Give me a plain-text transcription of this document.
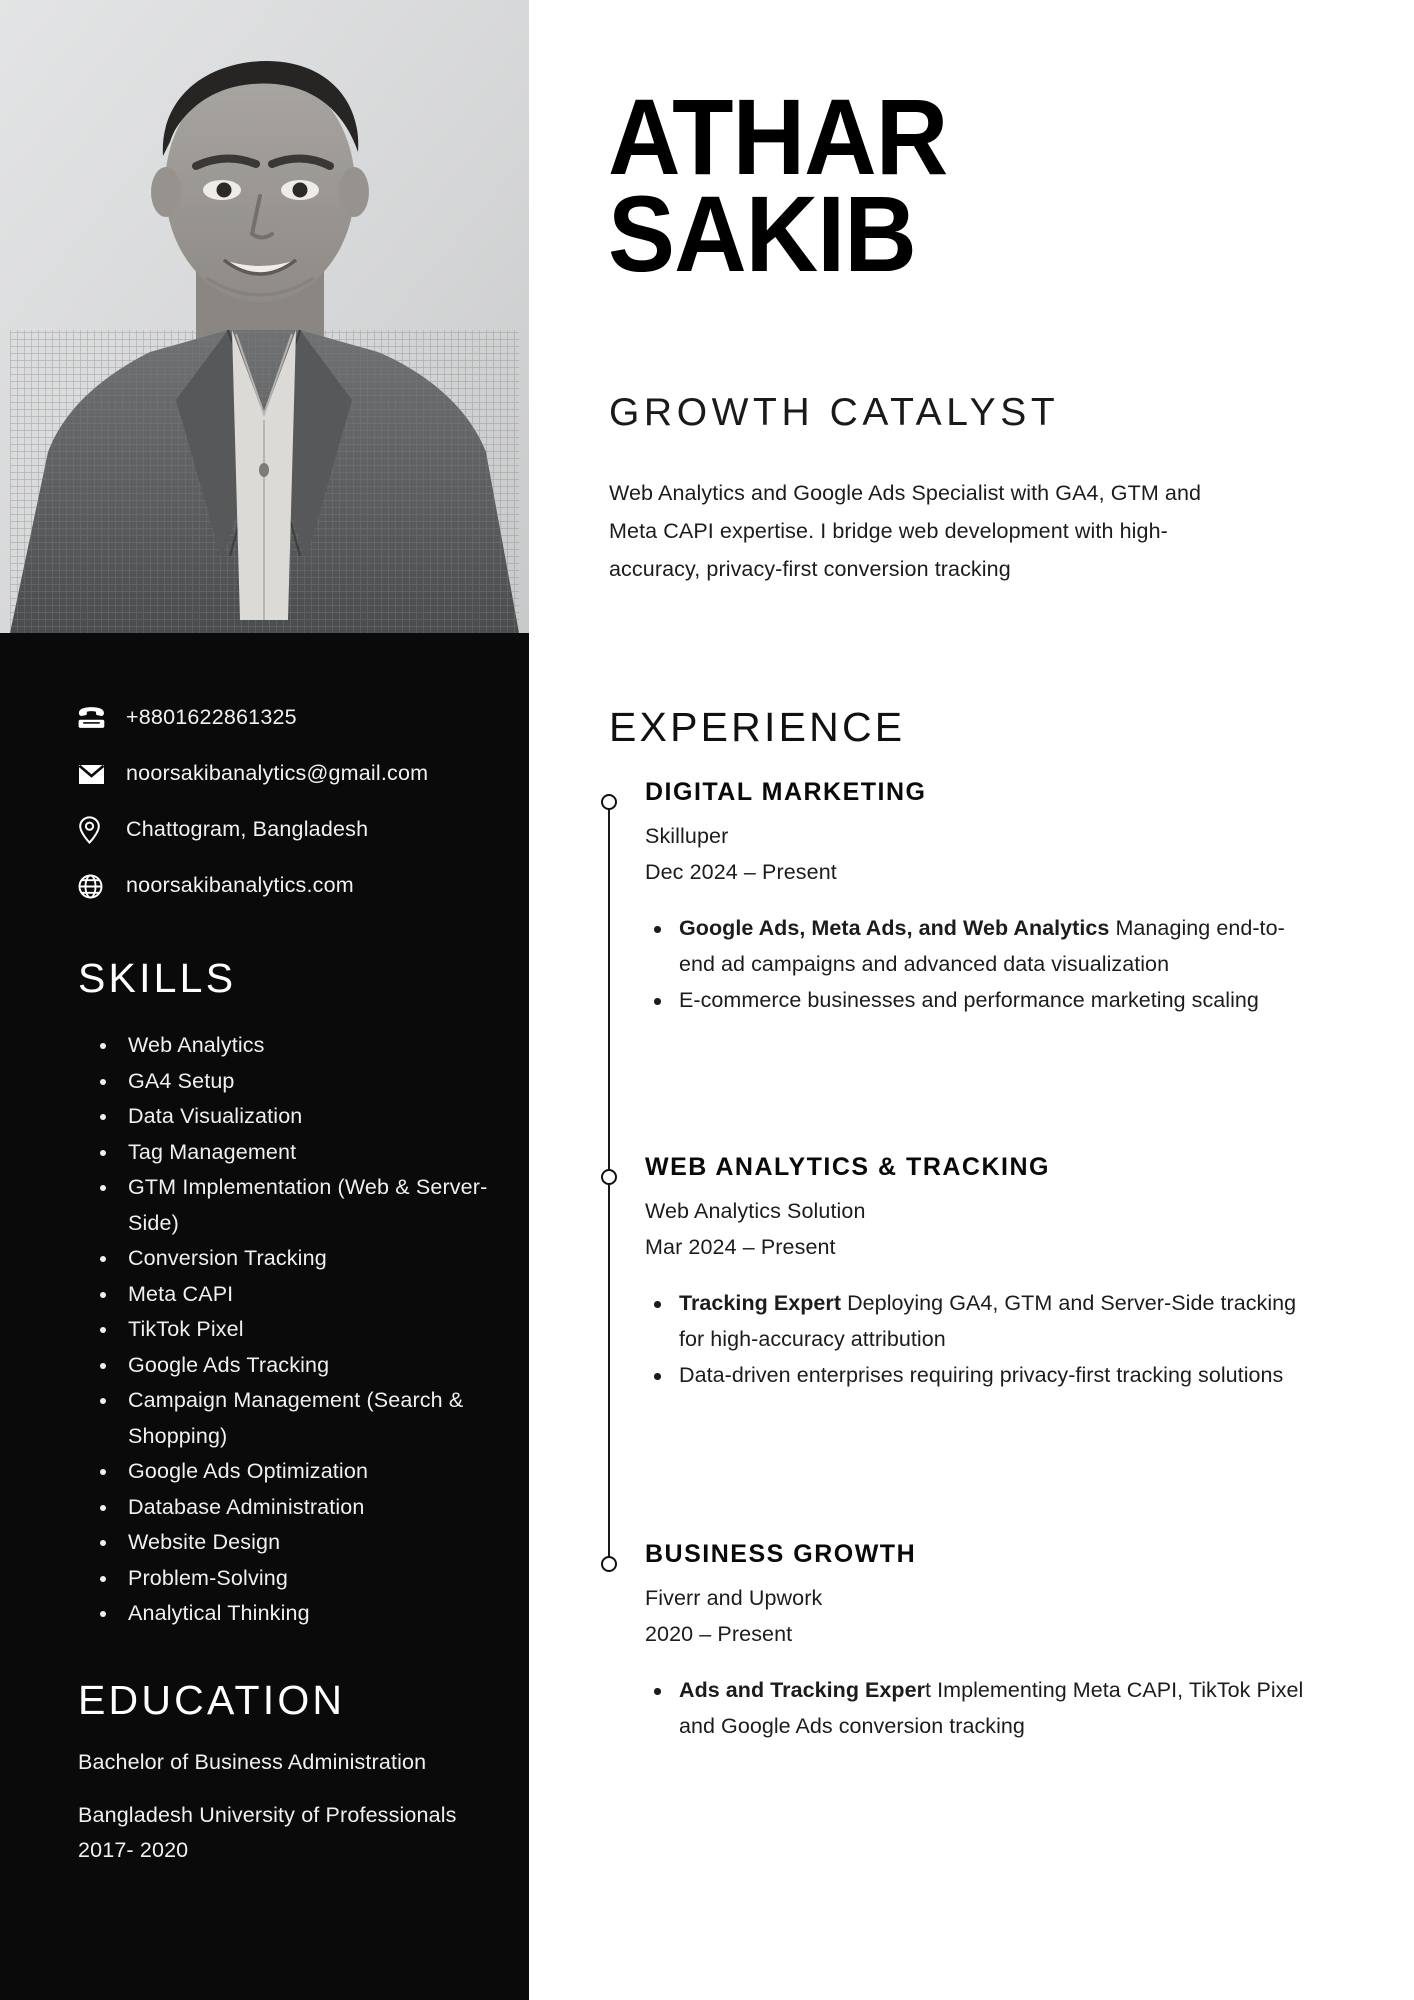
+8801622861325
noorsakibanalytics@gmail.com
Chattogram, Bangladesh
noorsakibanalytics.com
SKILLS
Web Analytics
GA4 Setup
Data Visualization
Tag Management
GTM Implementation (Web & Server-Side)
Conversion Tracking
Meta CAPI
TikTok Pixel
Google Ads Tracking
Campaign Management (Search & Shopping)
Google Ads Optimization
Database Administration
Website Design
Problem-Solving
Analytical Thinking
EDUCATION
Bachelor of Business Administration
Bangladesh University of Professionals
2017- 2020
ATHAR
SAKIB
GROWTH CATALYST
Web Analytics and Google Ads Specialist with GA4, GTM and Meta CAPI expertise. I bridge web development with high-accuracy, privacy-first conversion tracking
EXPERIENCE
DIGITAL MARKETING
Skilluper
Dec 2024 – Present
Google Ads, Meta Ads, and Web Analytics Managing end-to-end ad campaigns and advanced data visualization
E-commerce businesses and performance marketing scaling
WEB ANALYTICS & TRACKING
Web Analytics Solution
Mar 2024 – Present
Tracking Expert Deploying GA4, GTM and Server-Side tracking for high-accuracy attribution
Data-driven enterprises requiring privacy-first tracking solutions
BUSINESS GROWTH
Fiverr and Upwork
2020 – Present
Ads and Tracking Expert Implementing Meta CAPI, TikTok Pixel and Google Ads conversion tracking
